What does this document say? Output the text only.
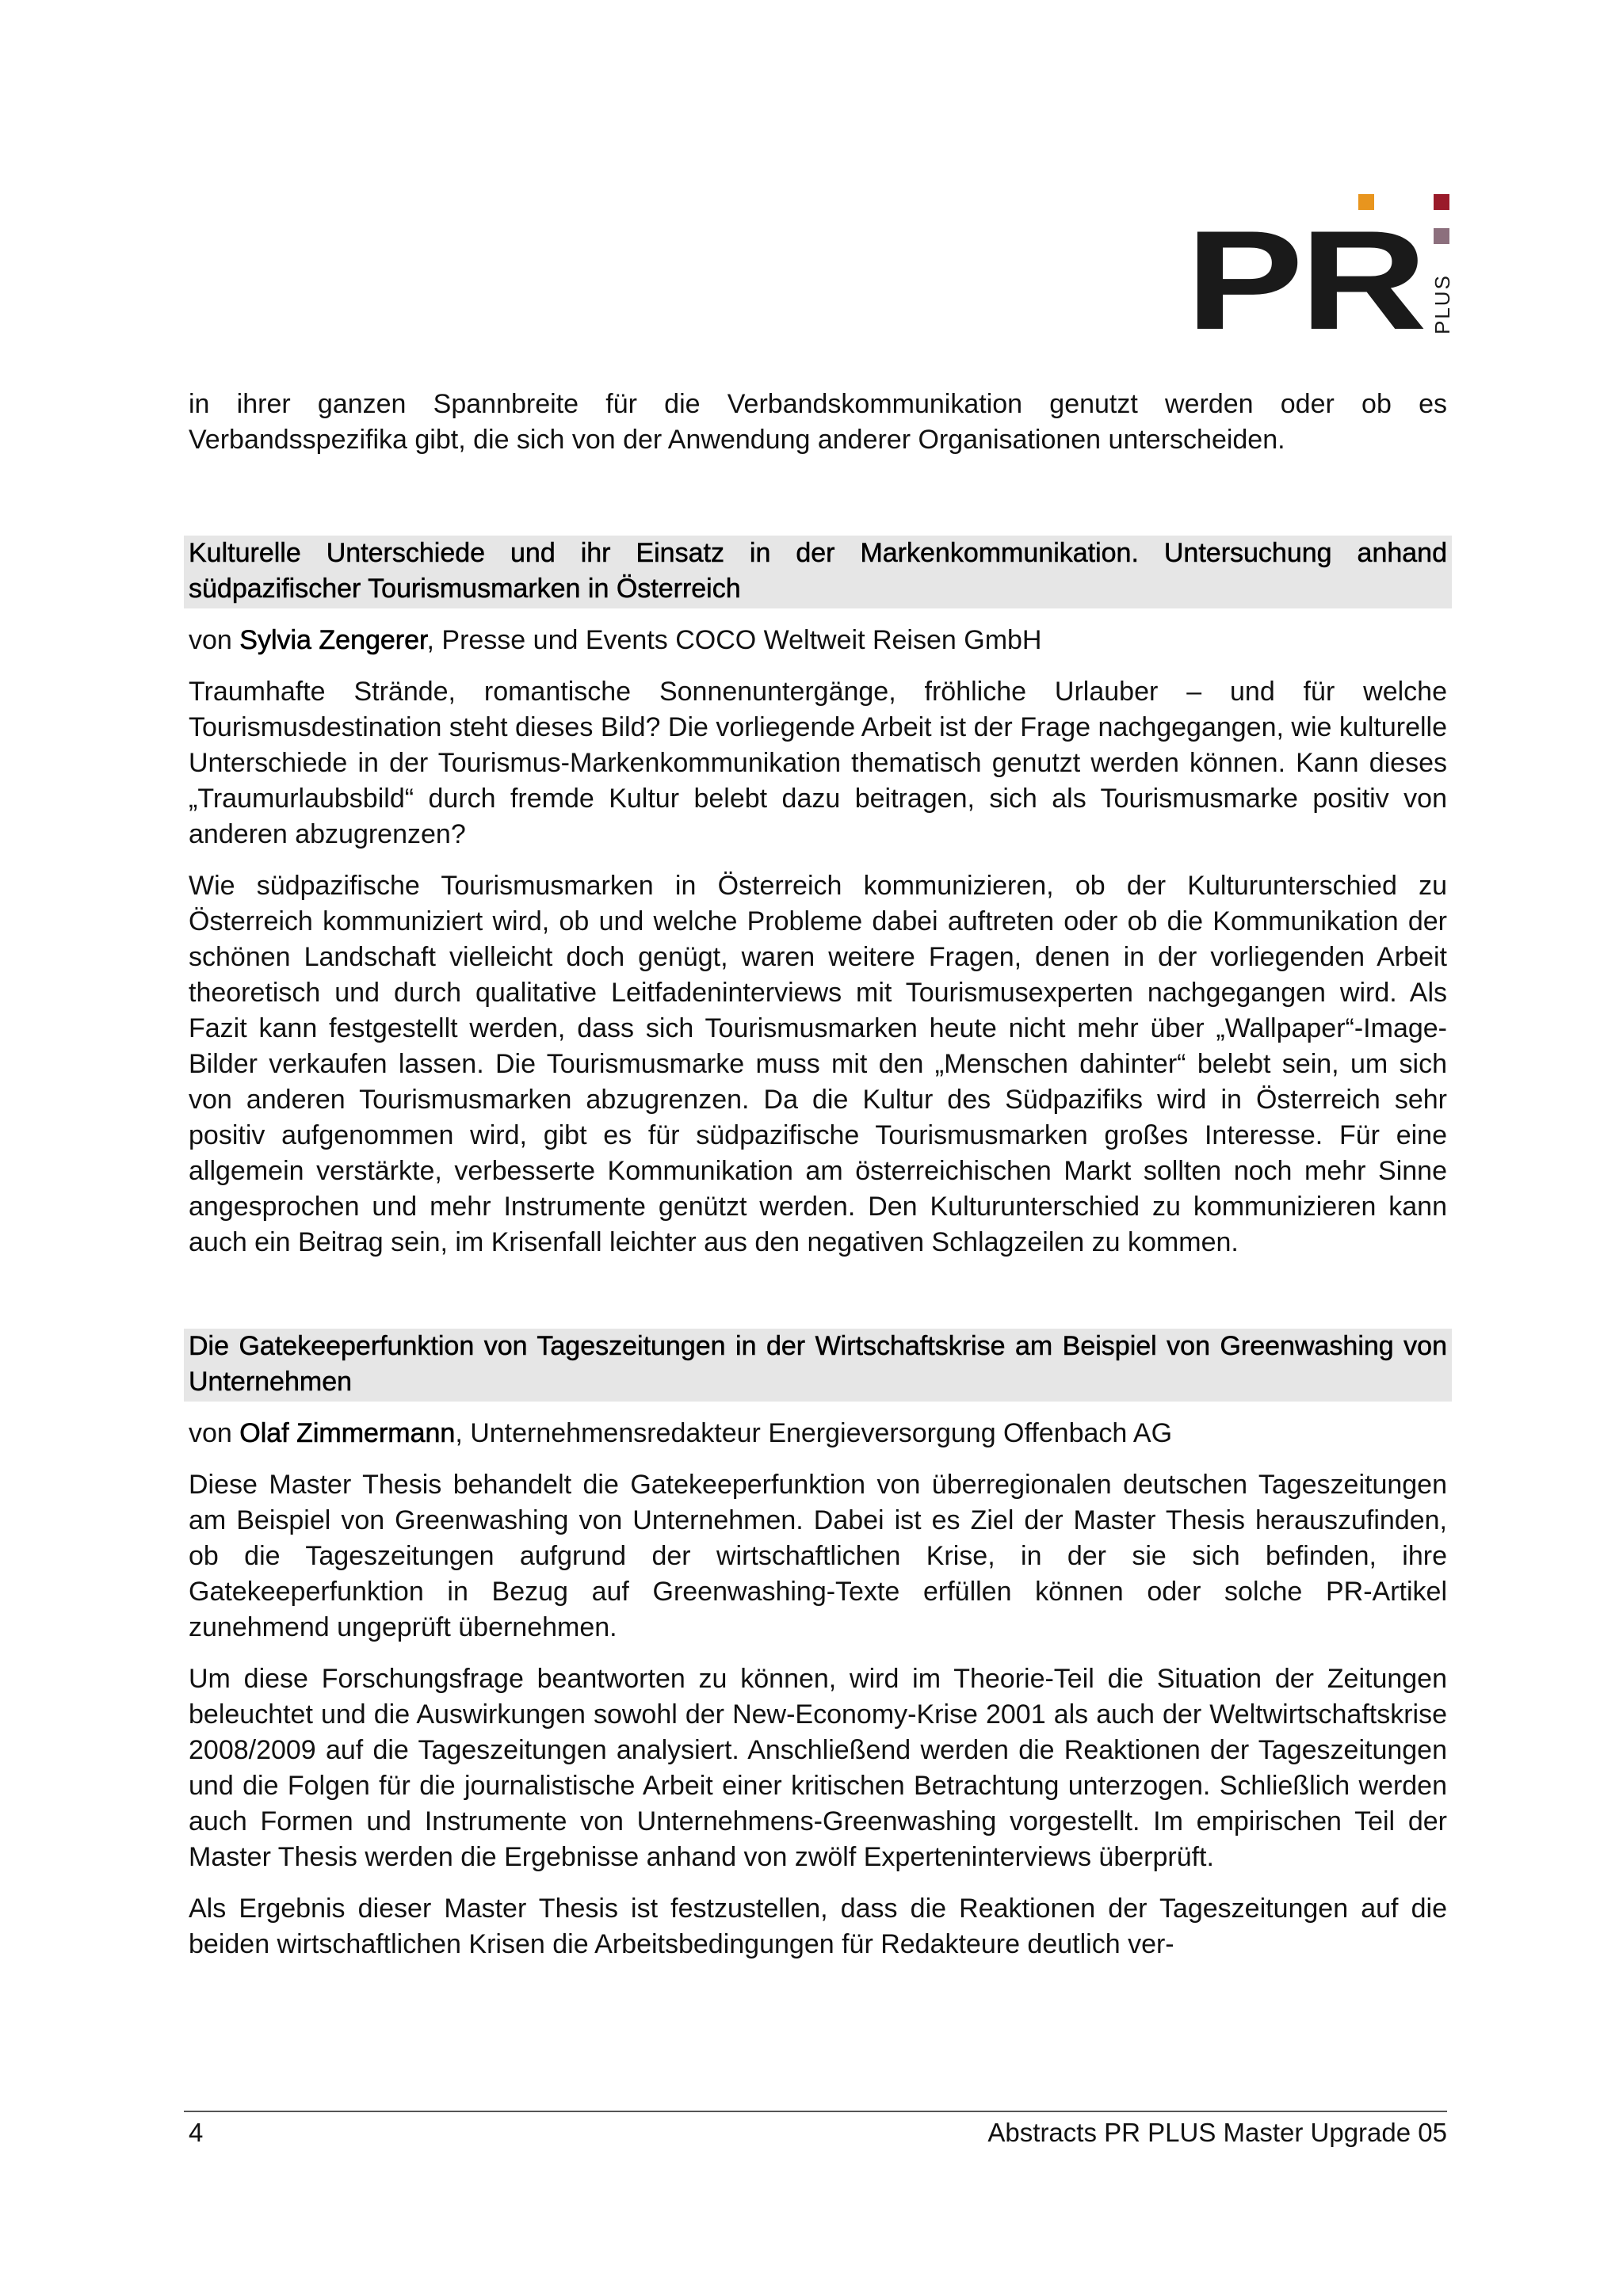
PR PLUS

in ihrer ganzen Spannbreite für die Verbandskommunikation genutzt werden oder ob es Verbandsspezifika gibt, die sich von der Anwendung anderer Organisationen unterscheiden.

Kulturelle Unterschiede und ihr Einsatz in der Markenkommunikation. Untersuchung anhand südpazifischer Tourismusmarken in Österreich
von Sylvia Zengerer, Presse und Events COCO Weltweit Reisen GmbH

Traumhafte Strände, romantische Sonnenuntergänge, fröhliche Urlauber – und für welche Tourismusdestination steht dieses Bild? Die vorliegende Arbeit ist der Frage nachgegangen, wie kulturelle Unterschiede in der Tourismus-Markenkommunikation thematisch genutzt werden können. Kann dieses „Traumurlaubsbild“ durch fremde Kultur belebt dazu beitragen, sich als Tourismusmarke positiv von anderen abzugrenzen?

Wie südpazifische Tourismusmarken in Österreich kommunizieren, ob der Kulturunterschied zu Österreich kommuniziert wird, ob und welche Probleme dabei auftreten oder ob die Kommunikation der schönen Landschaft vielleicht doch genügt, waren weitere Fragen, denen in der vorliegenden Arbeit theoretisch und durch qualitative Leitfadeninterviews mit Tourismusexperten nachgegangen wird. Als Fazit kann festgestellt werden, dass sich Tourismusmarken heute nicht mehr über „Wallpaper“-Image-Bilder verkaufen lassen. Die Tourismusmarke muss mit den „Menschen dahinter“ belebt sein, um sich von anderen Tourismusmarken abzugrenzen. Da die Kultur des Südpazifiks wird in Österreich sehr positiv aufgenommen wird, gibt es für südpazifische Tourismusmarken großes Interesse. Für eine allgemein verstärkte, verbesserte Kommunikation am österreichischen Markt sollten noch mehr Sinne angesprochen und mehr Instrumente genützt werden. Den Kulturunterschied zu kommunizieren kann auch ein Beitrag sein, im Krisenfall leichter aus den negativen Schlagzeilen zu kommen.

Die Gatekeeperfunktion von Tageszeitungen in der Wirtschaftskrise am Beispiel von Greenwashing von Unternehmen
von Olaf Zimmermann, Unternehmensredakteur Energieversorgung Offenbach AG

Diese Master Thesis behandelt die Gatekeeperfunktion von überregionalen deutschen Tageszeitungen am Beispiel von Greenwashing von Unternehmen. Dabei ist es Ziel der Master Thesis herauszufinden, ob die Tageszeitungen aufgrund der wirtschaftlichen Krise, in der sie sich befinden, ihre Gatekeeperfunktion in Bezug auf Greenwashing-Texte erfüllen können oder solche PR-Artikel zunehmend ungeprüft übernehmen.

Um diese Forschungsfrage beantworten zu können, wird im Theorie-Teil die Situation der Zeitungen beleuchtet und die Auswirkungen sowohl der New-Economy-Krise 2001 als auch der Weltwirtschaftskrise 2008/2009 auf die Tageszeitungen analysiert. Anschließend werden die Reaktionen der Tageszeitungen und die Folgen für die journalistische Arbeit einer kritischen Betrachtung unterzogen. Schließlich werden auch Formen und Instrumente von Unternehmens-Greenwashing vorgestellt. Im empirischen Teil der Master Thesis werden die Ergebnisse anhand von zwölf Experteninterviews überprüft.

Als Ergebnis dieser Master Thesis ist festzustellen, dass die Reaktionen der Tageszeitungen auf die beiden wirtschaftlichen Krisen die Arbeitsbedingungen für Redakteure deutlich ver-

4	Abstracts PR PLUS Master Upgrade 05
